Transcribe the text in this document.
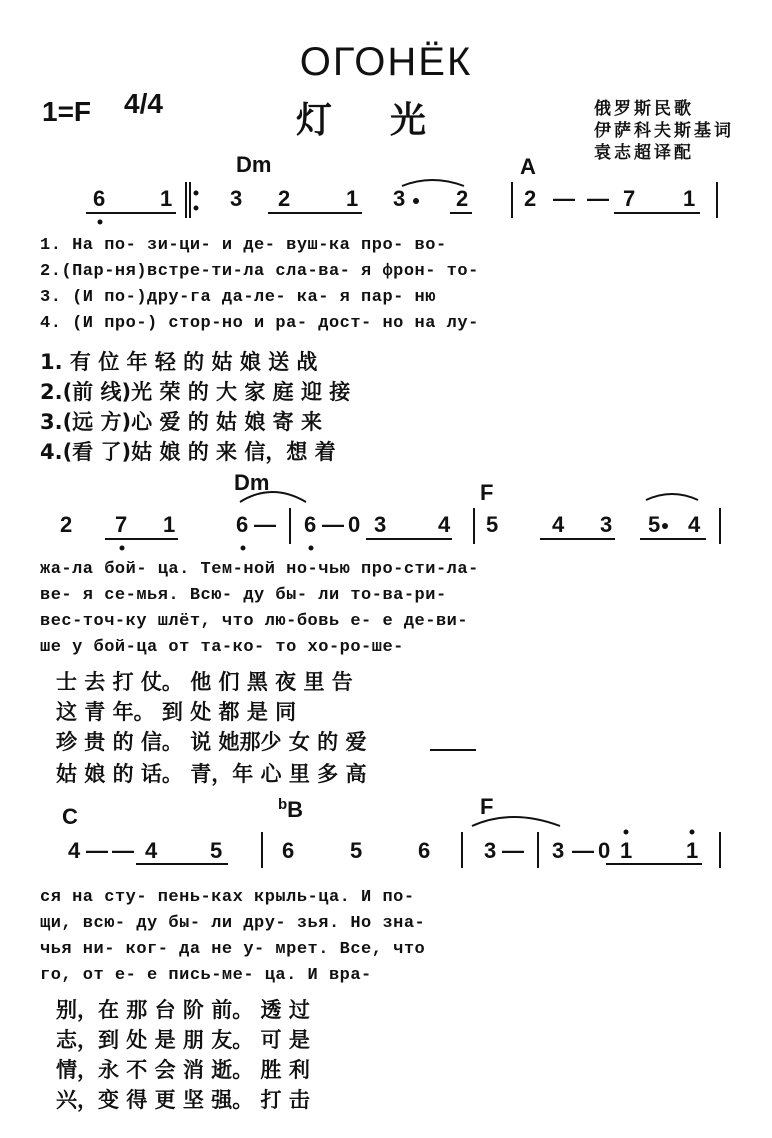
ОГОНЁК
1=F 4/4	灯光	俄罗斯民歌
伊萨科夫斯基词
袁志超译配
Dm	A
6 1	3 2	1 3 2	2 — — 7 1
1. На по- зи-ци- и де- вуш-ка про- во-
2.(Пар-ня)встре-ти-ла сла-ва- я фрон- то-
3. (И по-)дру-га да-ле- ка- я пар- ню
4. (И про-) стор-но и ра- дост- но на лу-
1. 有 位 年 轻 的 姑 娘 送 战
2.(前 线)光 荣 的 大 家 庭 迎 接
3.(远 方)心 爱 的 姑 娘 寄 来
4.(看 了)姑 娘 的 来 信，想 着
Dm	F
2 7 1	6 — 6 — 0 3 4 5 4 3 5 4
жа-ла бой- ца. Тем-ной но-чью про-сти-ла-
ве- я се-мья. Всю- ду бы- ли то-ва-ри-
вес-точ-ку шлёт, что лю-бовь е- е де-ви-
ше у бой-ца от та-ко- то хо-ро-ше-
士 去 打 仗。 他 们 黑 夜 里 告
这 青 年。 到 处 都 是 同
珍 贵 的 信。 说 她那少 女 的 爱
姑 娘 的 话。 青，年 心 里 多 高
C	$^b$B	F
4 — — 4 5	6	5	6 3 — 3 — 0 1 1
ся на сту- пень-ках крыль-ца. И по-
щи, всю- ду бы- ли дру- зья. Но зна-
чья ни- ког- да не у- мрет. Все, что
го, от е- е пись-ме- ца. И вра-
别，在 那 台 阶 前。 透 过
志，到 处 是 朋 友。 可 是
情，永 不 会 消 逝。 胜 利
兴，变 得 更 坚 强。 打 击
